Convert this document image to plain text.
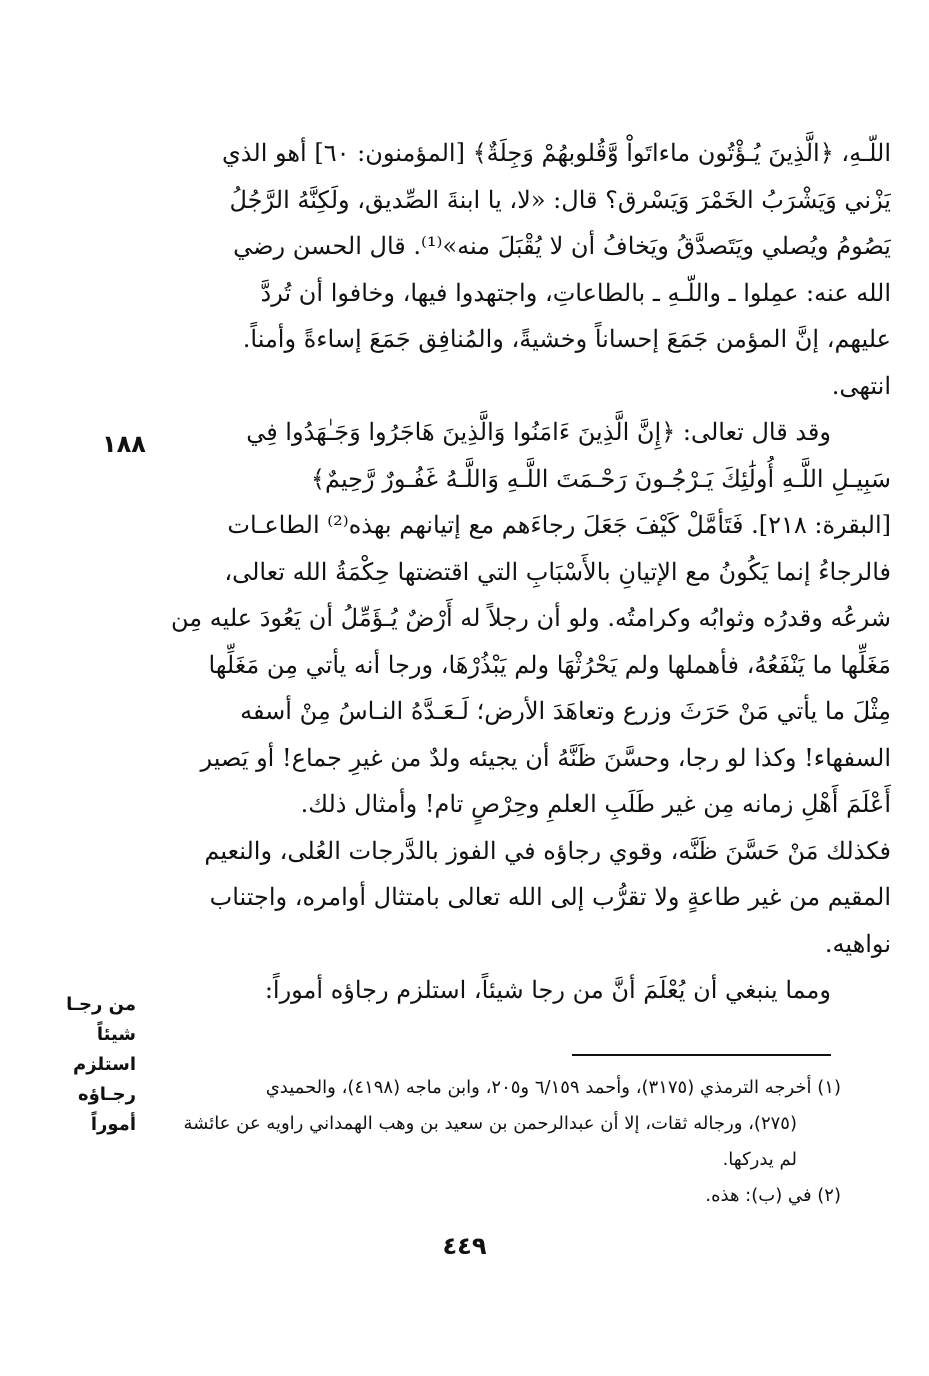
اللّـهِ، ﴿الَّذِينَ يُـؤْتُون ماءاتَواْ وَّقُلوبهُمْ وَجِلَةٌ﴾ [المؤمنون: ٦٠] أهو الذي
يَزْني وَيَشْرَبُ الخَمْرَ وَيَسْرق؟ قال: «لا، يا ابنةَ الصِّديق، ولَكِنَّهُ الرَّجُلُ
يَصُومُ ويُصلي ويَتَصدَّقُ ويَخافُ أن لا يُقْبَلَ منه»⁽¹⁾. قال الحسن رضي
الله عنه: عمِلوا ـ واللّـهِ ـ بالطاعاتِ، واجتهدوا فيها، وخافوا أن تُردَّ
عليهم، إنَّ المؤمن جَمَعَ إحساناً وخشيةً، والمُنافِق جَمَعَ إساءةً وأمناً.
انتهى.
وقد قال تعالى: ﴿إِنَّ الَّذِينَ ءَامَنُوا وَالَّذِينَ هَاجَرُوا وَجَـٰهَدُوا فِي
سَبِيـلِ اللَّـهِ أُولَٰئِكَ يَـرْجُـونَ رَحْـمَتَ اللَّـهِ وَاللَّـهُ غَفُـورٌ رَّحِيمٌ﴾
[البقرة: ٢١٨]. فَتَأمَّلْ كَيْفَ جَعَلَ رجاءَهم مع إتيانهم بهذه⁽²⁾ الطاعـات
فالرجاءُ إنما يَكُونُ مع الإتيانِ بالأَسْبَابِ التي اقتضتها حِكْمَةُ الله تعالى،
شرعُه وقدرُه وثوابُه وكرامتُه. ولو أن رجلاً له أَرْضٌ يُـؤَمِّلُ أن يَعُودَ عليه مِن
مَغَلِّها ما يَنْفَعُهُ، فأهملها ولم يَحْرُثْهَا ولم يَبْذُرْهَا، ورجا أنه يأتي مِن مَغَلِّها
مِثْلَ ما يأتي مَنْ حَرَثَ وزرع وتعاهَدَ الأرض؛ لَـعَـدَّهُ النـاسُ مِنْ أسفه
السفهاء! وكذا لو رجا، وحسَّنَ ظَنَّهُ أن يجيئه ولدٌ من غيرِ جماع! أو يَصير
أَعْلَمَ أَهْلِ زمانه مِن غير طَلَبِ العلمِ وحِرْصٍ تام! وأمثال ذلك.
فكذلك مَنْ حَسَّنَ ظَنَّه، وقوي رجاؤه في الفوز بالدَّرجات العُلى، والنعيم
المقيم من غير طاعةٍ ولا تقرُّب إلى الله تعالى بامتثال أوامره، واجتناب
نواهيه.
ومما ينبغي أن يُعْلَمَ أنَّ من رجا شيئاً، استلزم رجاؤه أموراً:
١٨٨
من رجـا شيئاً
استلزم رجـاؤه
أموراً
(١) أخرجه الترمذي (٣١٧٥)، وأحمد ٦/١٥٩ و٢٠٥، وابن ماجه (٤١٩٨)، والحميدي
(٢٧٥)، ورجاله ثقات، إلا أن عبدالرحمن بن سعيد بن وهب الهمداني راويه عن عائشة
لم يدركها.
(٢) في (ب): هذه.
٤٤٩
